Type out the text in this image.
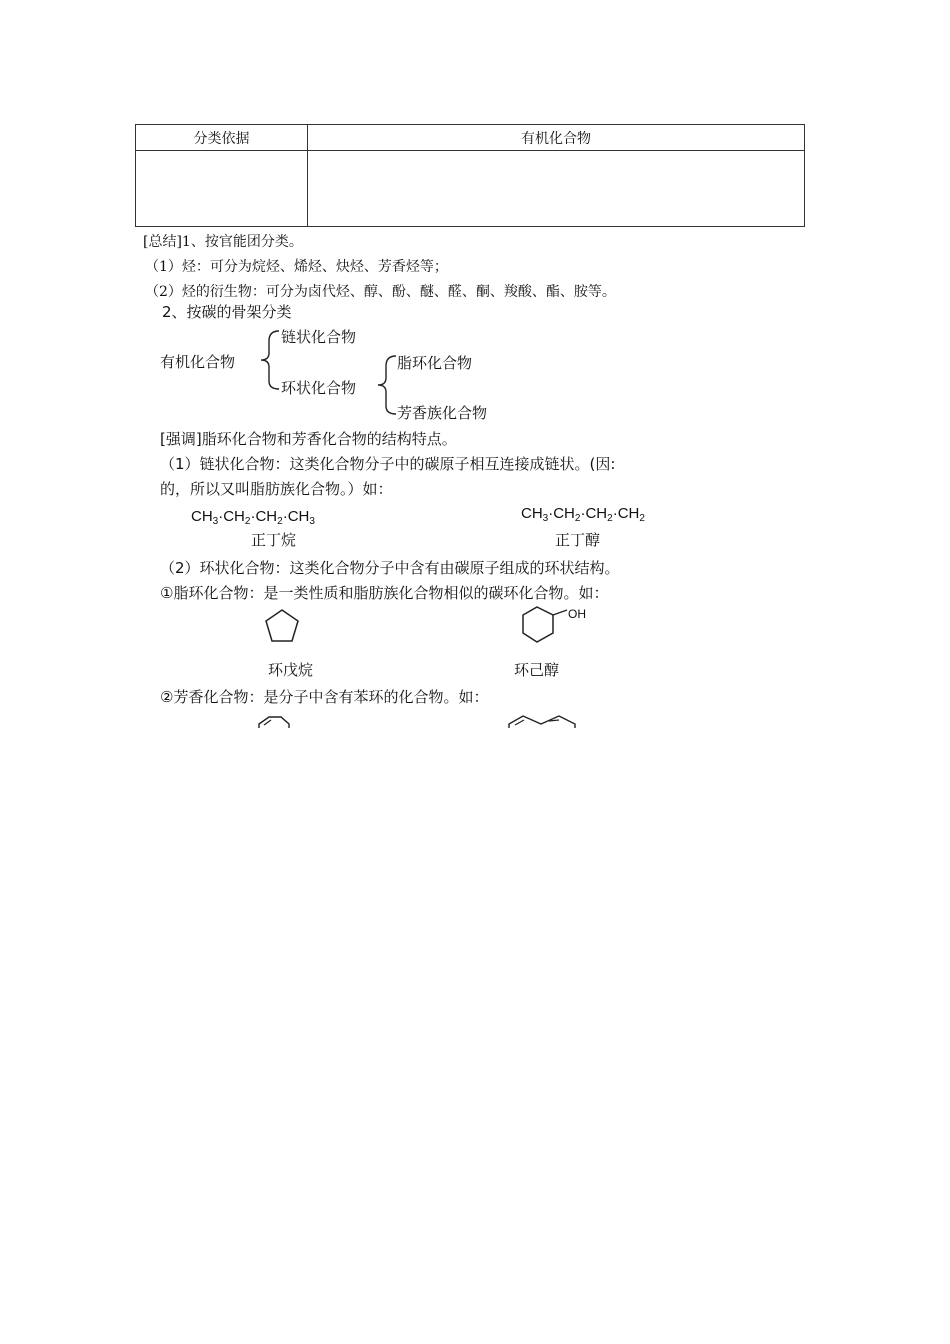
分类依据	有机化合物
[总结]1、按官能团分类。
（1）烃：可分为烷烃、烯烃、炔烃、芳香烃等；
（2）烃的衍生物：可分为卤代烃、醇、酚、醚、醛、酮、羧酸、酯、胺等。
2、按碳的骨架分类
有机化合物
链状化合物
环状化合物
脂环化合物
芳香族化合物
[强调]脂环化合物和芳香化合物的结构特点。
（1）链状化合物：这类化合物分子中的碳原子相互连接成链状。(因:
的，所以又叫脂肪族化合物。）如：
$CH_3\cdot CH_2\cdot CH_2\cdot CH_3$
正丁烷
$CH_3\cdot CH_2\cdot CH_2\cdot CH_2$
正丁醇
（2）环状化合物：这类化合物分子中含有由碳原子组成的环状结构。
①脂环化合物：是一类性质和脂肪族化合物相似的碳环化合物。如：
环戊烷
OH
环己醇
②芳香化合物：是分子中含有苯环的化合物。如：
